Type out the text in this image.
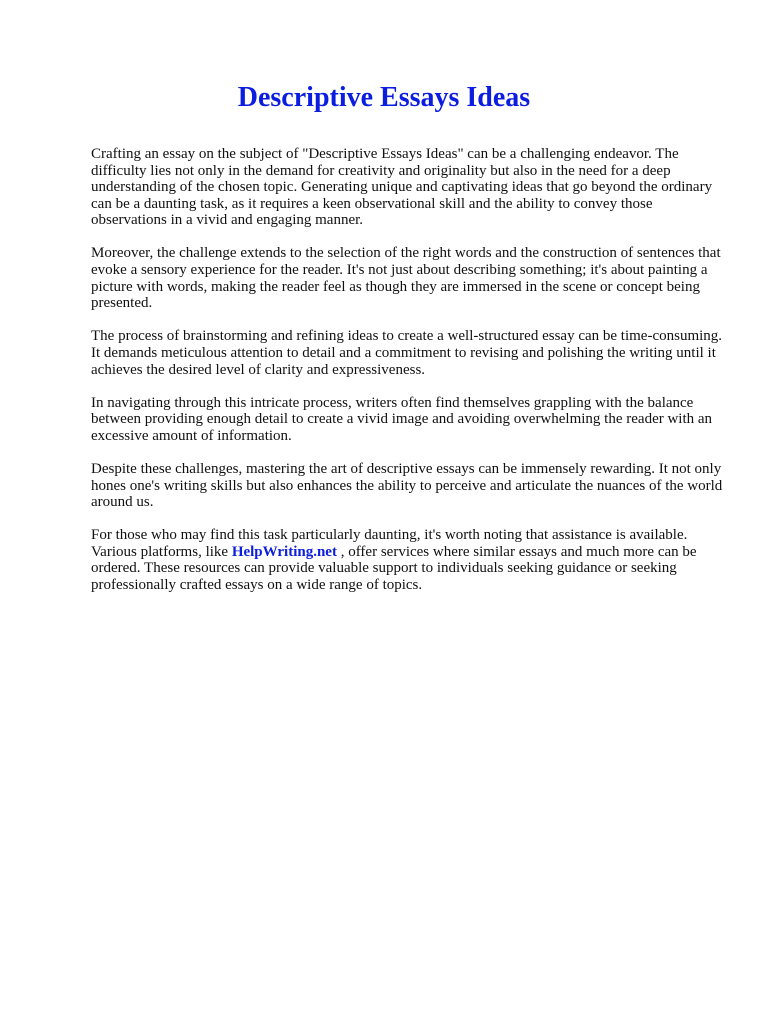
Descriptive Essays Ideas

Crafting an essay on the subject of "Descriptive Essays Ideas" can be a challenging endeavor. The difficulty lies not only in the demand for creativity and originality but also in the need for a deep understanding of the chosen topic. Generating unique and captivating ideas that go beyond the ordinary can be a daunting task, as it requires a keen observational skill and the ability to convey those observations in a vivid and engaging manner.

Moreover, the challenge extends to the selection of the right words and the construction of sentences that evoke a sensory experience for the reader. It's not just about describing something; it's about painting a picture with words, making the reader feel as though they are immersed in the scene or concept being presented.

The process of brainstorming and refining ideas to create a well-structured essay can be time-consuming. It demands meticulous attention to detail and a commitment to revising and polishing the writing until it achieves the desired level of clarity and expressiveness.

In navigating through this intricate process, writers often find themselves grappling with the balance between providing enough detail to create a vivid image and avoiding overwhelming the reader with an excessive amount of information.

Despite these challenges, mastering the art of descriptive essays can be immensely rewarding. It not only hones one's writing skills but also enhances the ability to perceive and articulate the nuances of the world around us.

For those who may find this task particularly daunting, it's worth noting that assistance is available. Various platforms, like HelpWriting.net , offer services where similar essays and much more can be ordered. These resources can provide valuable support to individuals seeking guidance or seeking professionally crafted essays on a wide range of topics.
